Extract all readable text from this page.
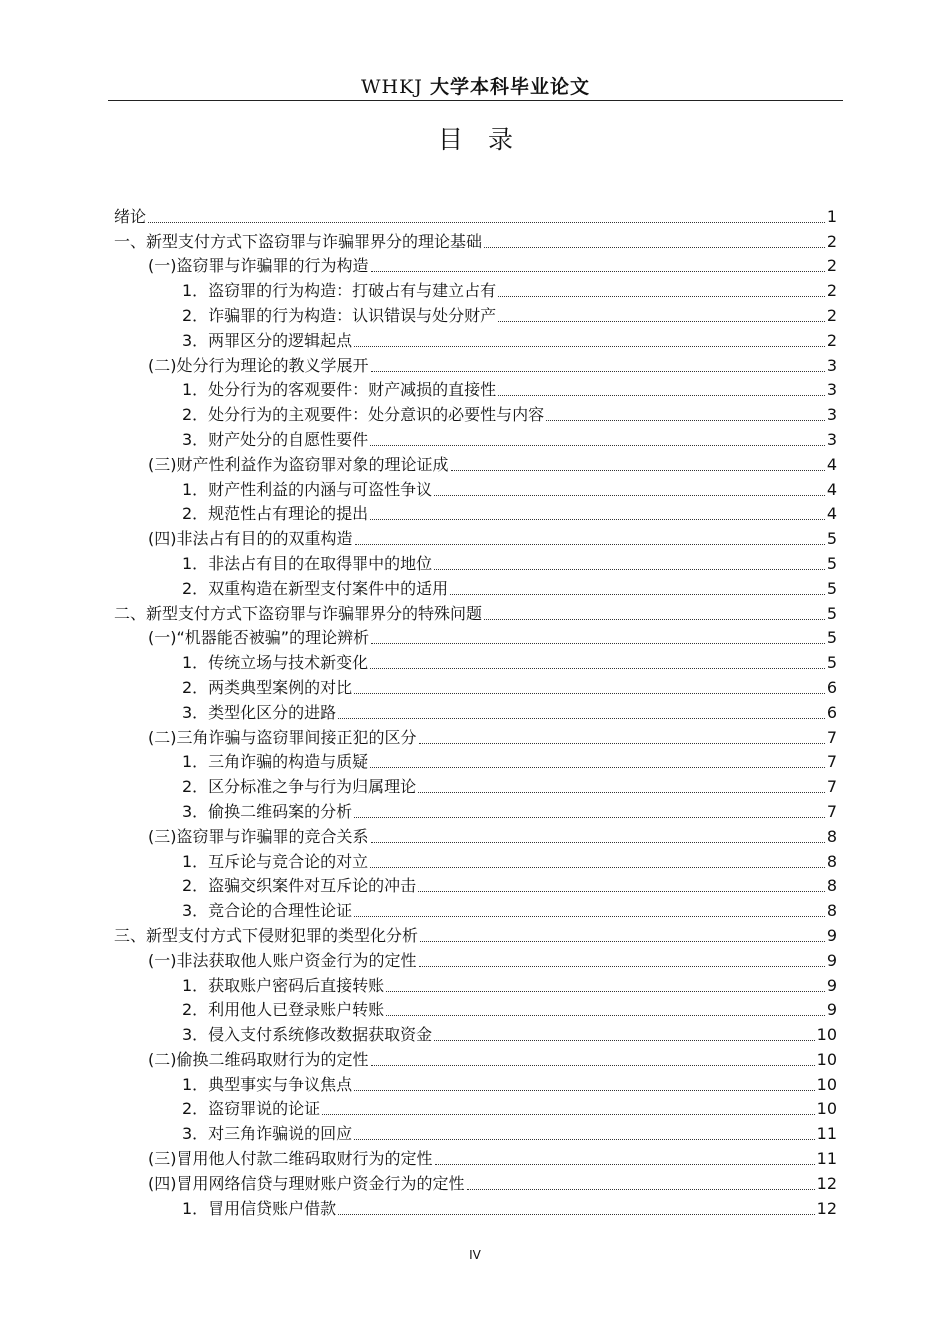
WHKJ 大学本科毕业论文
目　录
绪论	1
一、新型支付方式下盗窃罪与诈骗罪界分的理论基础	2
(一)盗窃罪与诈骗罪的行为构造	2
1．盗窃罪的行为构造：打破占有与建立占有	2
2．诈骗罪的行为构造：认识错误与处分财产	2
3．两罪区分的逻辑起点	2
(二)处分行为理论的教义学展开	3
1．处分行为的客观要件：财产减损的直接性	3
2．处分行为的主观要件：处分意识的必要性与内容	3
3．财产处分的自愿性要件	3
(三)财产性利益作为盗窃罪对象的理论证成	4
1．财产性利益的内涵与可盗性争议	4
2．规范性占有理论的提出	4
(四)非法占有目的的双重构造	5
1．非法占有目的在取得罪中的地位	5
2．双重构造在新型支付案件中的适用	5
二、新型支付方式下盗窃罪与诈骗罪界分的特殊问题	5
(一)“机器能否被骗”的理论辨析	5
1．传统立场与技术新变化	5
2．两类典型案例的对比	6
3．类型化区分的进路	6
(二)三角诈骗与盗窃罪间接正犯的区分	7
1．三角诈骗的构造与质疑	7
2．区分标准之争与行为归属理论	7
3．偷换二维码案的分析	7
(三)盗窃罪与诈骗罪的竞合关系	8
1．互斥论与竞合论的对立	8
2．盗骗交织案件对互斥论的冲击	8
3．竞合论的合理性论证	8
三、新型支付方式下侵财犯罪的类型化分析	9
(一)非法获取他人账户资金行为的定性	9
1．获取账户密码后直接转账	9
2．利用他人已登录账户转账	9
3．侵入支付系统修改数据获取资金	10
(二)偷换二维码取财行为的定性	10
1．典型事实与争议焦点	10
2．盗窃罪说的论证	10
3．对三角诈骗说的回应	11
(三)冒用他人付款二维码取财行为的定性	11
(四)冒用网络信贷与理财账户资金行为的定性	12
1．冒用信贷账户借款	12
IV
